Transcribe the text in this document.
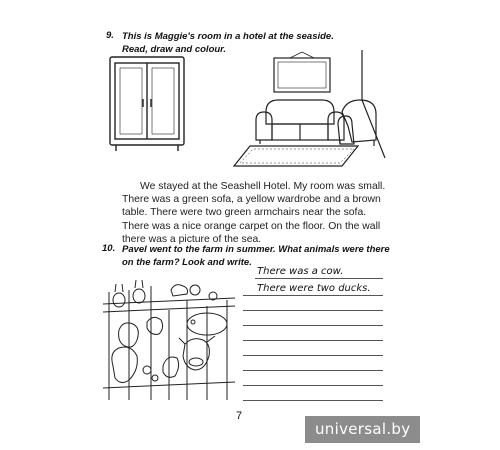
9. This is Maggie's room in a hotel at the seaside.
Read, draw and colour.
We stayed at the Seashell Hotel. My room was small.
There was a green sofa, a yellow wardrobe and a brown
table. There were two green armchairs near the sofa.
There was a nice orange carpet on the floor. On the wall
there was a picture of the sea.
10. Pavel went to the farm in summer. What animals were there
on the farm? Look and write.
There was a cow.
There were two ducks.
7
universal.by
